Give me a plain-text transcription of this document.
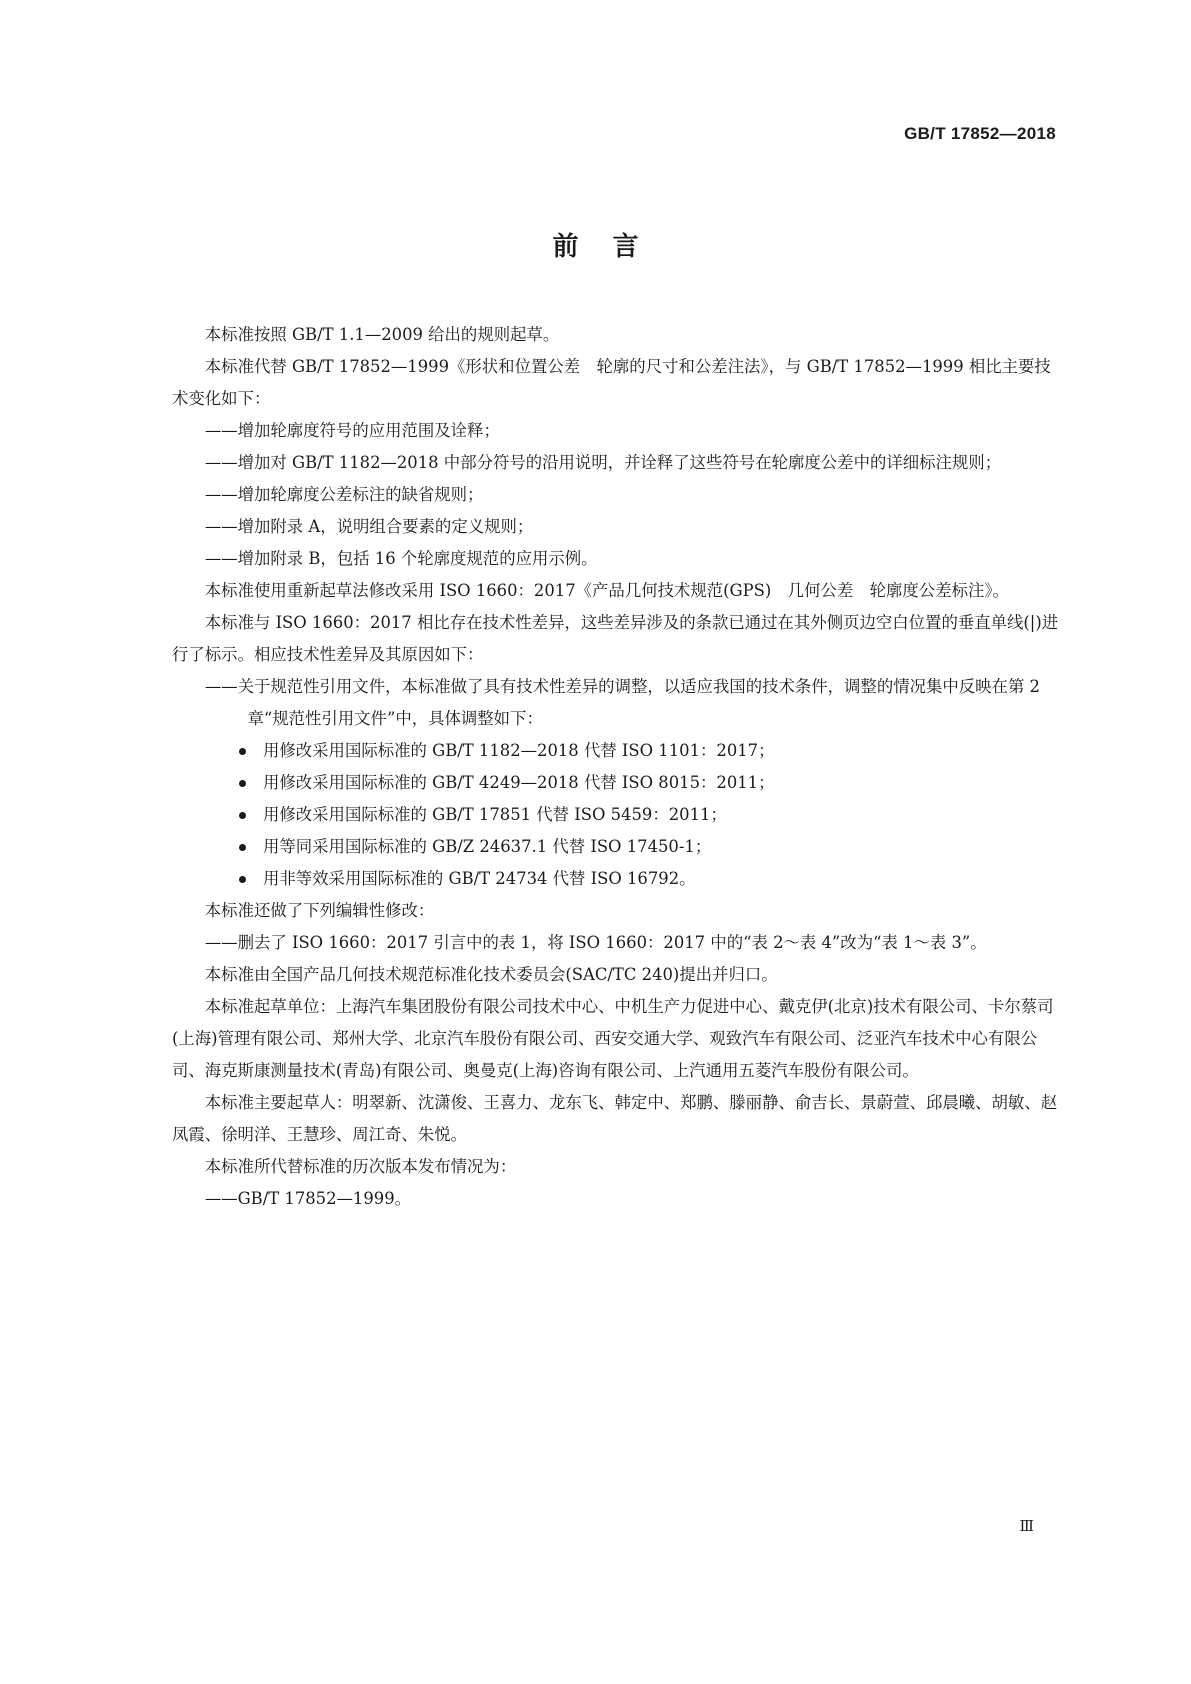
GB/T 17852—2018

前言

本标准按照 GB/T 1.1—2009 给出的规则起草。

本标准代替 GB/T 17852—1999《形状和位置公差　轮廓的尺寸和公差注法》，与 GB/T 17852—1999 相比主要技术变化如下：

——增加轮廓度符号的应用范围及诠释；

——增加对 GB/T 1182—2018 中部分符号的沿用说明，并诠释了这些符号在轮廓度公差中的详细标注规则；

——增加轮廓度公差标注的缺省规则；

——增加附录 A，说明组合要素的定义规则；

——增加附录 B，包括 16 个轮廓度规范的应用示例。

本标准使用重新起草法修改采用 ISO 1660：2017《产品几何技术规范(GPS)　几何公差　轮廓度公差标注》。

本标准与 ISO 1660：2017 相比存在技术性差异，这些差异涉及的条款已通过在其外侧页边空白位置的垂直单线(|)进行了标示。相应技术性差异及其原因如下：

——关于规范性引用文件，本标准做了具有技术性差异的调整，以适应我国的技术条件，调整的情况集中反映在第 2 章“规范性引用文件”中，具体调整如下：

用修改采用国际标准的 GB/T 1182—2018 代替 ISO 1101：2017；
用修改采用国际标准的 GB/T 4249—2018 代替 ISO 8015：2011；
用修改采用国际标准的 GB/T 17851 代替 ISO 5459：2011；
用等同采用国际标准的 GB/Z 24637.1 代替 ISO 17450-1；
用非等效采用国际标准的 GB/T 24734 代替 ISO 16792。

本标准还做了下列编辑性修改：

——删去了 ISO 1660：2017 引言中的表 1，将 ISO 1660：2017 中的“表 2～表 4”改为“表 1～表 3”。

本标准由全国产品几何技术规范标准化技术委员会(SAC/TC 240)提出并归口。

本标准起草单位：上海汽车集团股份有限公司技术中心、中机生产力促进中心、戴克伊(北京)技术有限公司、卡尔蔡司(上海)管理有限公司、郑州大学、北京汽车股份有限公司、西安交通大学、观致汽车有限公司、泛亚汽车技术中心有限公司、海克斯康测量技术(青岛)有限公司、奥曼克(上海)咨询有限公司、上汽通用五菱汽车股份有限公司。

本标准主要起草人：明翠新、沈潇俊、王喜力、龙东飞、韩定中、郑鹏、滕丽静、俞吉长、景蔚萱、邱晨曦、胡敏、赵凤霞、徐明洋、王慧珍、周江奇、朱悦。

本标准所代替标准的历次版本发布情况为：

——GB/T 17852—1999。

Ⅲ
